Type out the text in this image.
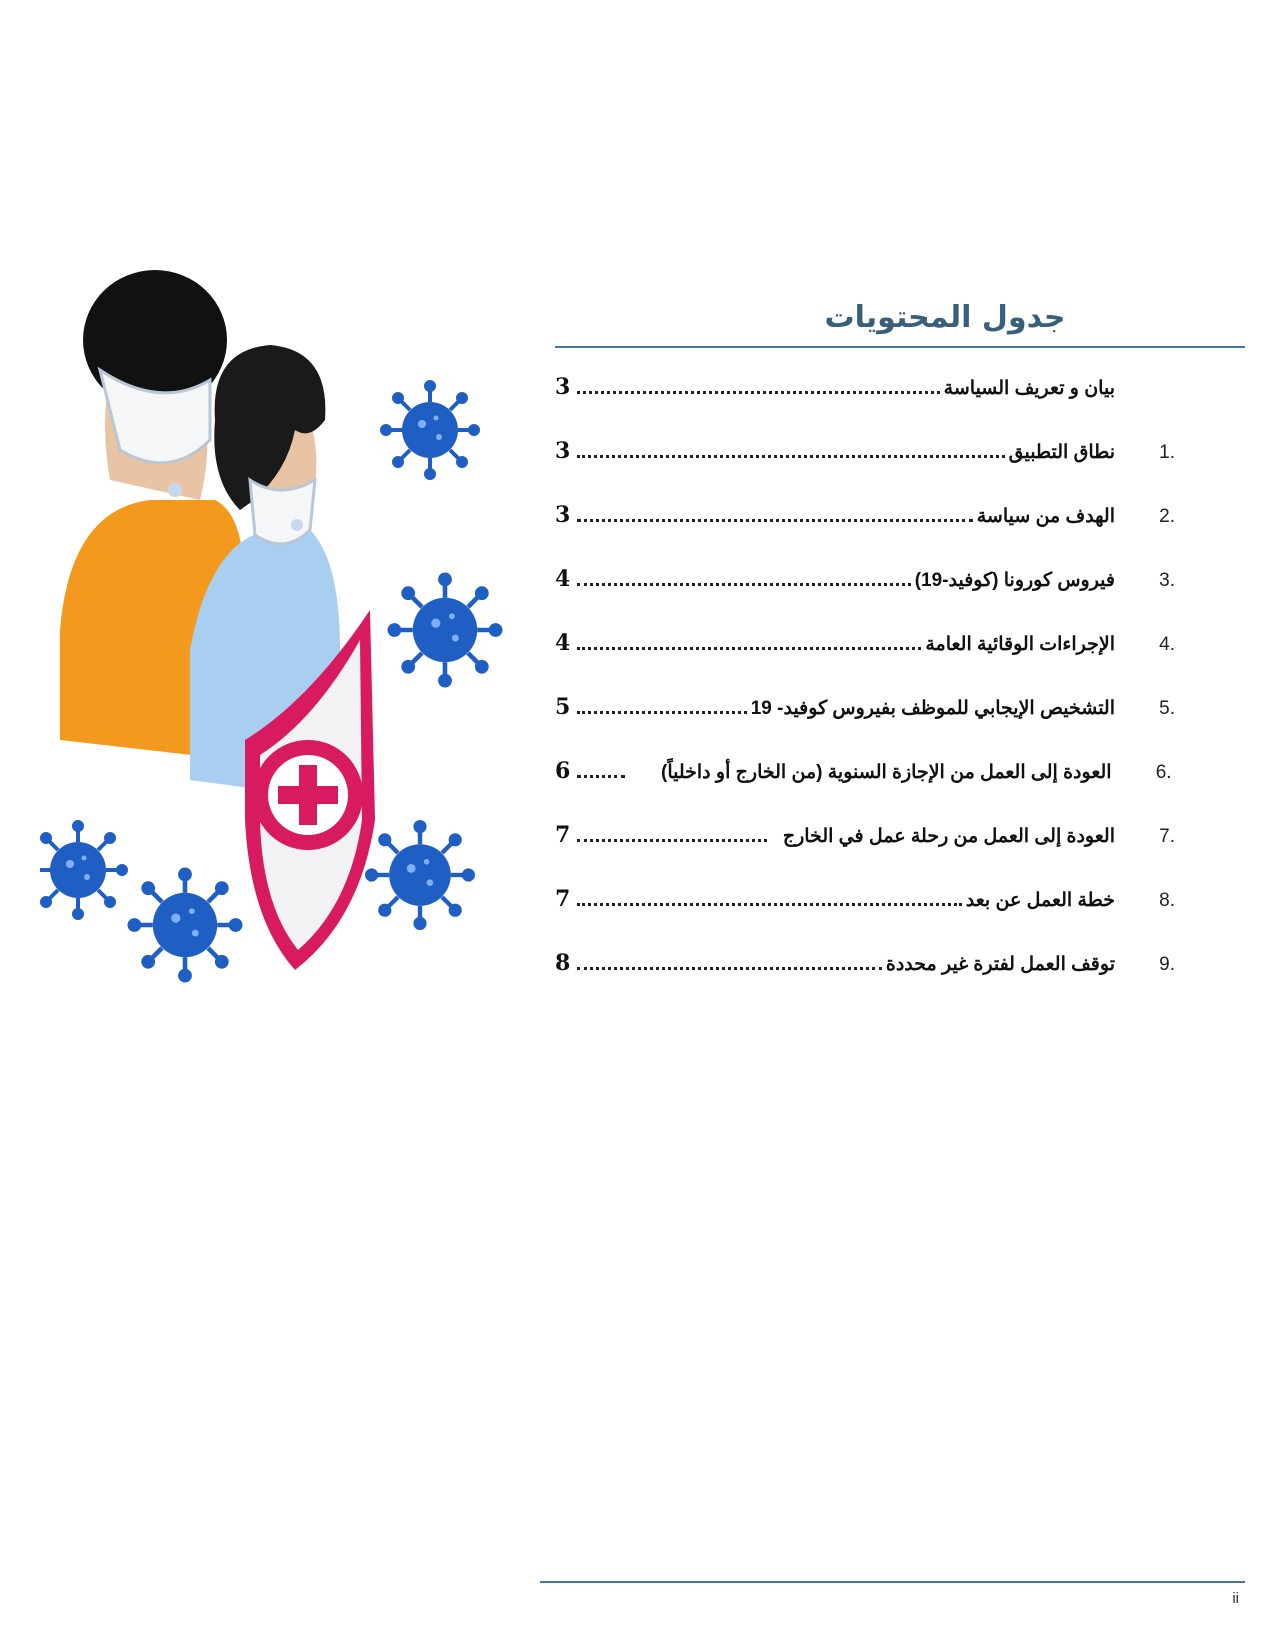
جدول المحتويات
3	بيان و تعريف السياسة
3	نطاق التطبيق	1.
3	الهدف من سياسة	2.
4	فيروس كورونا (كوفيد-19)	3.
4	الإجراءات الوقائية العامة	4.
5	التشخيص الإيجابي للموظف بفيروس كوفيد- 19	5.
6	العودة إلى العمل من الإجازة السنوية (من الخارج أو داخلياً)	6.
7	العودة إلى العمل من رحلة عمل في الخارج	7.
7	خطة العمل عن بعد	8.
8	توقف العمل لفترة غير محددة	9.
ii
